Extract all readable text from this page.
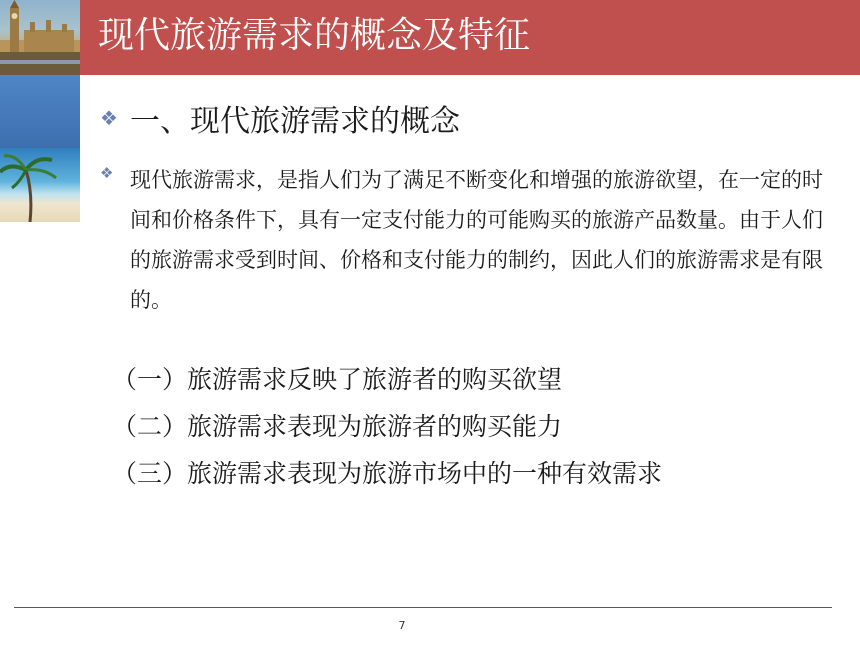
现代旅游需求的概念及特征
❖ 一、现代旅游需求的概念
❖ 现代旅游需求，是指人们为了满足不断变化和增强的旅游欲望，在一定的时间和价格条件下，具有一定支付能力的可能购买的旅游产品数量。由于人们的旅游需求受到时间、价格和支付能力的制约，因此人们的旅游需求是有限的。
（一）旅游需求反映了旅游者的购买欲望
（二）旅游需求表现为旅游者的购买能力
（三）旅游需求表现为旅游市场中的一种有效需求
7
